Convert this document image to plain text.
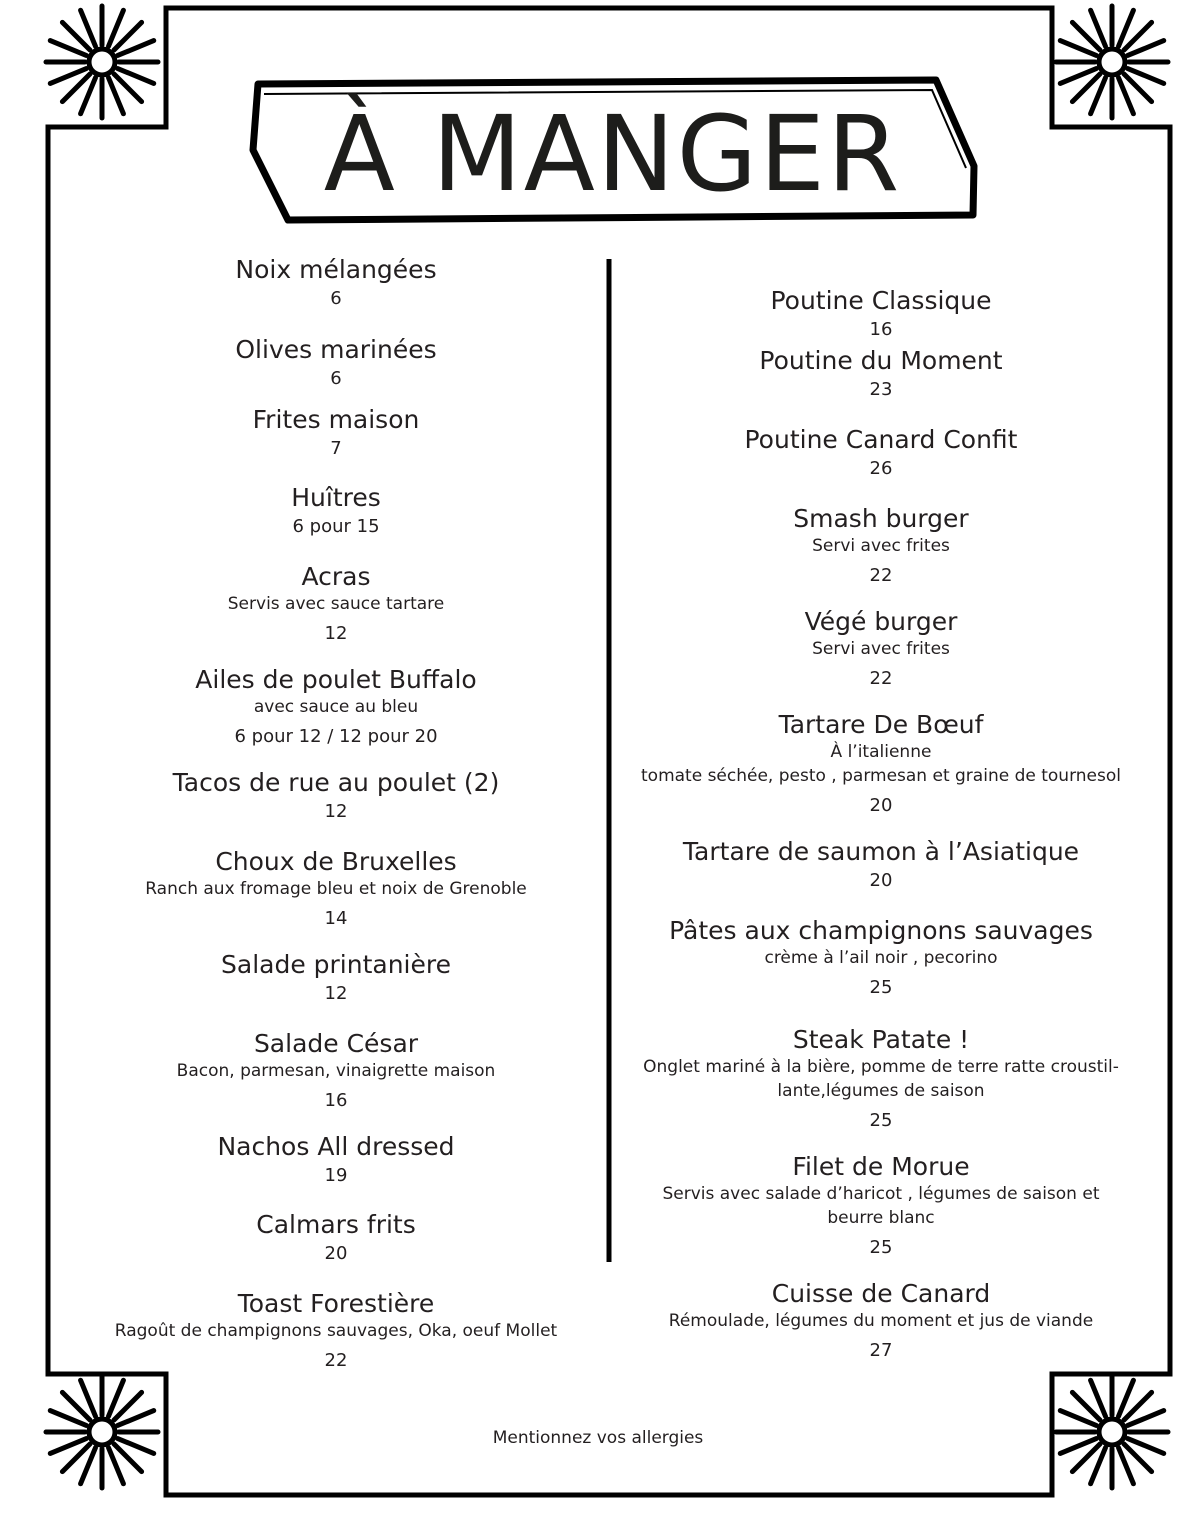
À MANGER
Noix mélangées
6
Olives marinées
6
Frites maison
7
Huîtres
6 pour 15
Acras
Servis avec sauce tartare
12
Ailes de poulet Buffalo
avec sauce au bleu
6 pour 12 / 12 pour 20
Tacos de rue au poulet (2)
12
Choux de Bruxelles
Ranch aux fromage bleu et noix de Grenoble
14
Salade printanière
12
Salade César
Bacon, parmesan, vinaigrette maison
16
Nachos All dressed
19
Calmars frits
20
Toast Forestière
Ragoût de champignons sauvages, Oka, oeuf Mollet
22
Poutine Classique
16
Poutine du Moment
23
Poutine Canard Confit
26
Smash burger
Servi avec frites
22
Végé burger
Servi avec frites
22
Tartare De Bœuf
À l’italienne
tomate séchée, pesto , parmesan et graine de tournesol
20
Tartare de saumon à l’Asiatique
20
Pâtes aux champignons sauvages
crème à l’ail noir , pecorino
25
Steak Patate !
Onglet mariné à la bière, pomme de terre ratte croustil-
lante,légumes de saison
25
Filet de Morue
Servis avec salade d’haricot , légumes de saison et
beurre blanc
25
Cuisse de Canard
Rémoulade, légumes du moment et jus de viande
27
Mentionnez vos allergies
